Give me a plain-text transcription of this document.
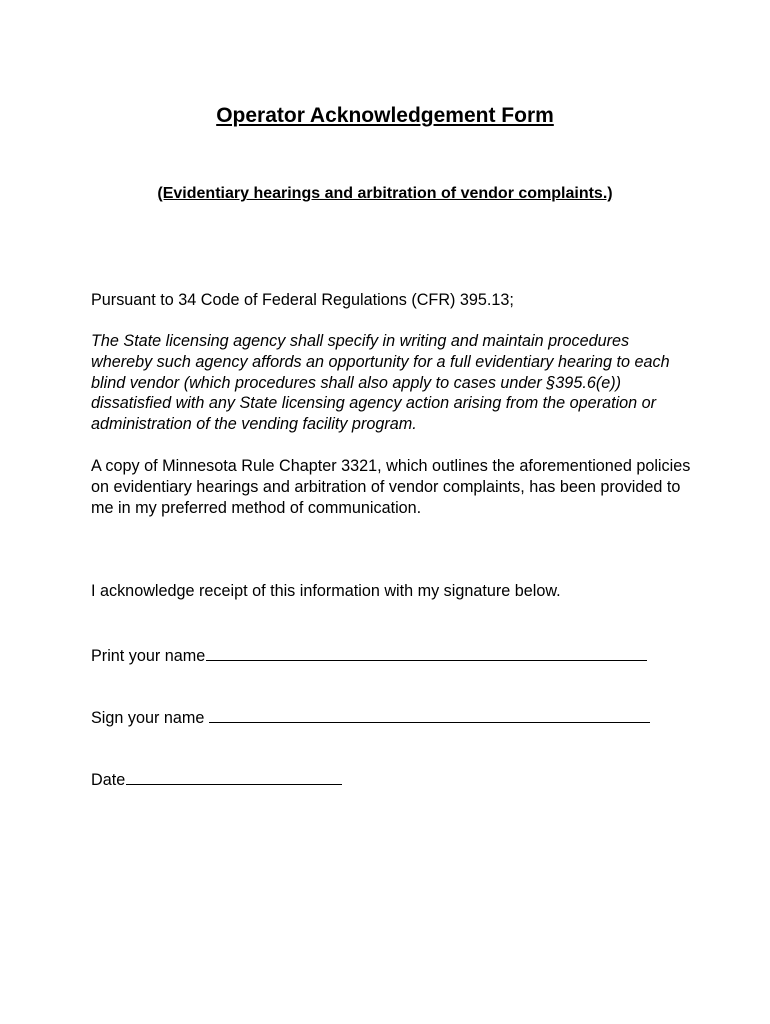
Operator Acknowledgement Form
(Evidentiary hearings and arbitration of vendor complaints.)

Pursuant to 34 Code of Federal Regulations (CFR) 395.13;

The State licensing agency shall specify in writing and maintain procedures whereby such agency affords an opportunity for a full evidentiary hearing to each blind vendor (which procedures shall also apply to cases under §395.6(e)) dissatisfied with any State licensing agency action arising from the operation or administration of the vending facility program.

A copy of Minnesota Rule Chapter 3321, which outlines the aforementioned policies on evidentiary hearings and arbitration of vendor complaints, has been provided to me in my preferred method of communication.

I acknowledge receipt of this information with my signature below.

Print your name
Sign your name
Date
